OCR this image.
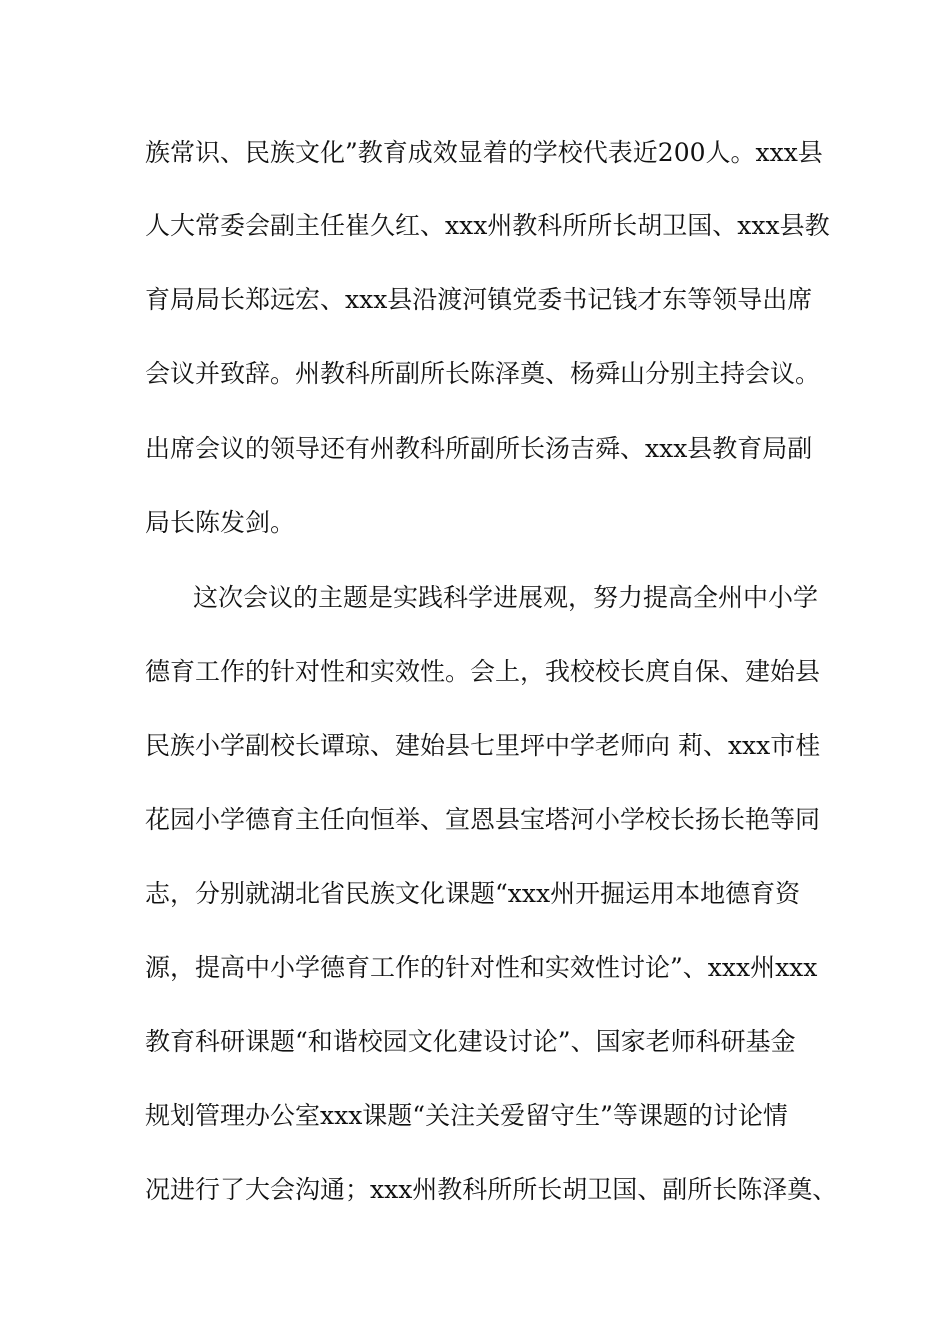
族常识、民族文化”教育成效显着的学校代表近200人。xxx县
人大常委会副主任崔久红、xxx州教科所所长胡卫国、xxx县教
育局局长郑远宏、xxx县沿渡河镇党委书记钱才东等领导出席
会议并致辞。州教科所副所长陈泽奠、杨舜山分别主持会议。
出席会议的领导还有州教科所副所长汤吉舜、xxx县教育局副
局长陈发剑。
这次会议的主题是实践科学进展观，努力提高全州中小学
德育工作的针对性和实效性。会上，我校校长庹自保、建始县
民族小学副校长谭琼、建始县七里坪中学老师向 莉、xxx市桂
花园小学德育主任向恒举、宣恩县宝塔河小学校长扬长艳等同
志，分别就湖北省民族文化课题“xxx州开掘运用本地德育资
源，提高中小学德育工作的针对性和实效性讨论”、xxx州xxx
教育科研课题“和谐校园文化建设讨论”、国家老师科研基金
规划管理办公室xxx课题“关注关爱留守生”等课题的讨论情
况进行了大会沟通；xxx州教科所所长胡卫国、副所长陈泽奠、
